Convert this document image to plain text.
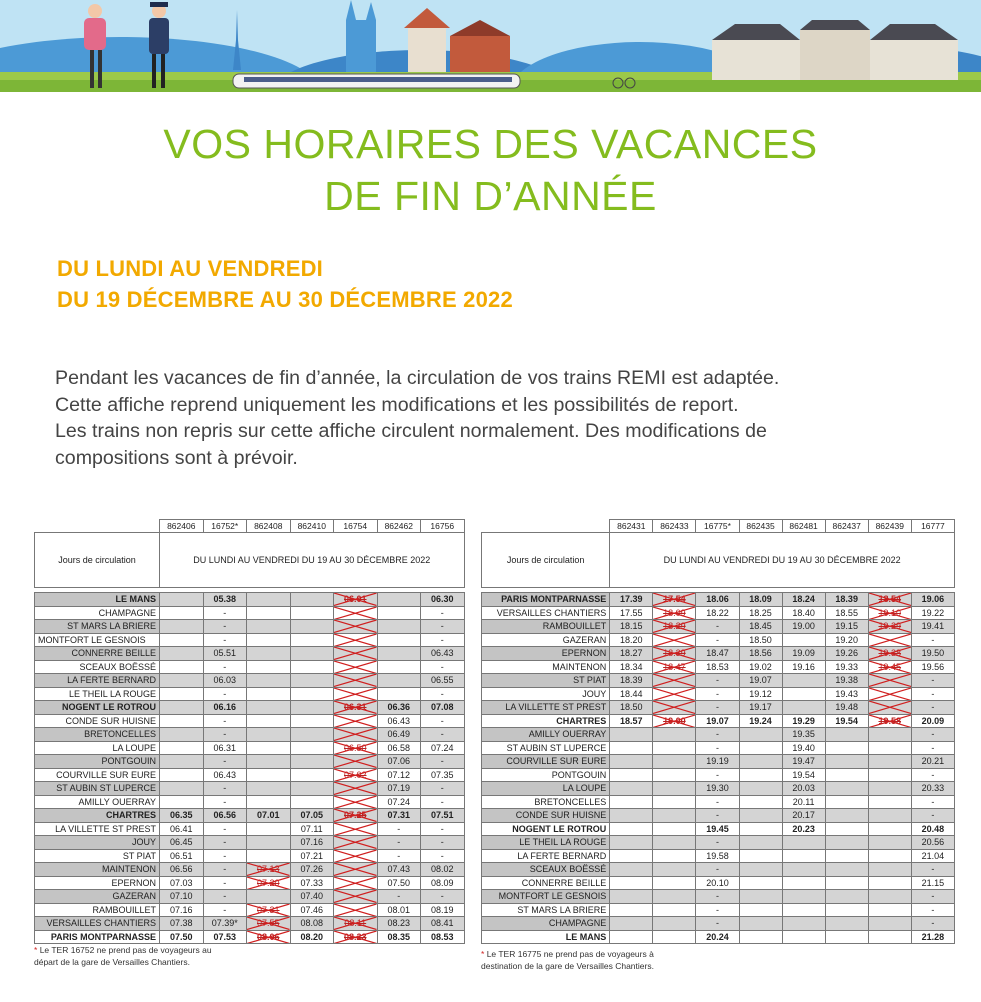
VOS HORAIRES DES VACANCES
DE FIN D’ANNÉE
DU LUNDI AU VENDREDI
DU 19 DÉCEMBRE AU 30 DÉCEMBRE 2022
Pendant les vacances de fin d’année, la circulation de vos trains REMI est adaptée.
Cette affiche reprend uniquement les modifications et les possibilités de report.
Les trains non repris sur cette affiche circulent normalement. Des modifications de
compositions sont à prévoir.
	862406	16752*	862408	862410	16754	862462	16756
Jours de circulation	DU LUNDI AU VENDREDI DU 19 AU 30 DÉCEMBRE 2022						

LE MANS		05.38			06.01		06.30
CHAMPAGNE		-					-
ST MARS LA BRIERE		-					-
MONTFORT LE GESNOIS		-					-
CONNERRE BEILLE		05.51					06.43
SCEAUX BOËSSÉ		-					-
LA FERTE BERNARD		06.03					06.55
LE THEIL LA ROUGE		-					-
NOGENT LE ROTROU		06.16			06.31	06.36	07.08
CONDE SUR HUISNE		-				06.43	-
BRETONCELLES		-				06.49	-
LA LOUPE		06.31			06.50	06.58	07.24
PONTGOUIN		-				07.06	-
COURVILLE SUR EURE		06.43			07.02	07.12	07.35
ST AUBIN ST LUPERCE		-				07.19	-
AMILLY OUERRAY		-				07.24	-
CHARTRES	06.35	06.56	07.01	07.05	07.25	07.31	07.51
LA VILLETTE ST PREST	06.41	-		07.11		-	-
JOUY	06.45	-		07.16		-	-
ST PIAT	06.51	-		07.21		-	-
MAINTENON	06.56	-	07.13	07.26		07.43	08.02
EPERNON	07.03	-	07.20	07.33		07.50	08.09
GAZERAN	07.10	-		07.40		-	-
RAMBOUILLET	07.16	-	07.31	07.46		08.01	08.19
VERSAILLES CHANTIERS	07.38	07.39*	07.55	08.08	08.11	08.23	08.41
PARIS MONTPARNASSE	07.50	07.53	08.06	08.20	08.23	08.35	08.53
* Le TER 16752 ne prend pas de voyageurs au
départ de la gare de Versailles Chantiers.
	862431	862433	16775*	862435	862481	862437	862439	16777
Jours de circulation	DU LUNDI AU VENDREDI DU 19 AU 30 DÉCEMBRE 2022							

PARIS MONTPARNASSE	17.39	17.54	18.06	18.09	18.24	18.39	18.54	19.06
VERSAILLES CHANTIERS	17.55	18.09	18.22	18.25	18.40	18.55	19.10	19.22
RAMBOUILLET	18.15	18.29	-	18.45	19.00	19.15	19.29	19.41
GAZERAN	18.20		-	18.50		19.20		-
EPERNON	18.27	18.39	18.47	18.56	19.09	19.26	19.38	19.50
MAINTENON	18.34	18.47	18.53	19.02	19.16	19.33	19.45	19.56
ST PIAT	18.39		-	19.07		19.38		-
JOUY	18.44		-	19.12		19.43		-
LA VILLETTE ST PREST	18.50		-	19.17		19.48		-
CHARTRES	18.57	19.00	19.07	19.24	19.29	19.54	19.58	20.09
AMILLY OUERRAY			-		19.35			-
ST AUBIN ST LUPERCE			-		19.40			-
COURVILLE SUR EURE			19.19		19.47			20.21
PONTGOUIN			-		19.54			-
LA LOUPE			19.30		20.03			20.33
BRETONCELLES			-		20.11			-
CONDE SUR HUISNE			-		20.17			-
NOGENT LE ROTROU			19.45		20.23			20.48
LE THEIL LA ROUGE			-					20.56
LA FERTE BERNARD			19.58					21.04
SCEAUX BOËSSÉ			-					-
CONNERRE BEILLE			20.10					21.15
MONTFORT LE GESNOIS			-					-
ST MARS LA BRIERE			-					-
CHAMPAGNE			-					-
LE MANS			20.24					21.28
* Le TER 16775 ne prend pas de voyageurs à
destination de la gare de Versailles Chantiers.
